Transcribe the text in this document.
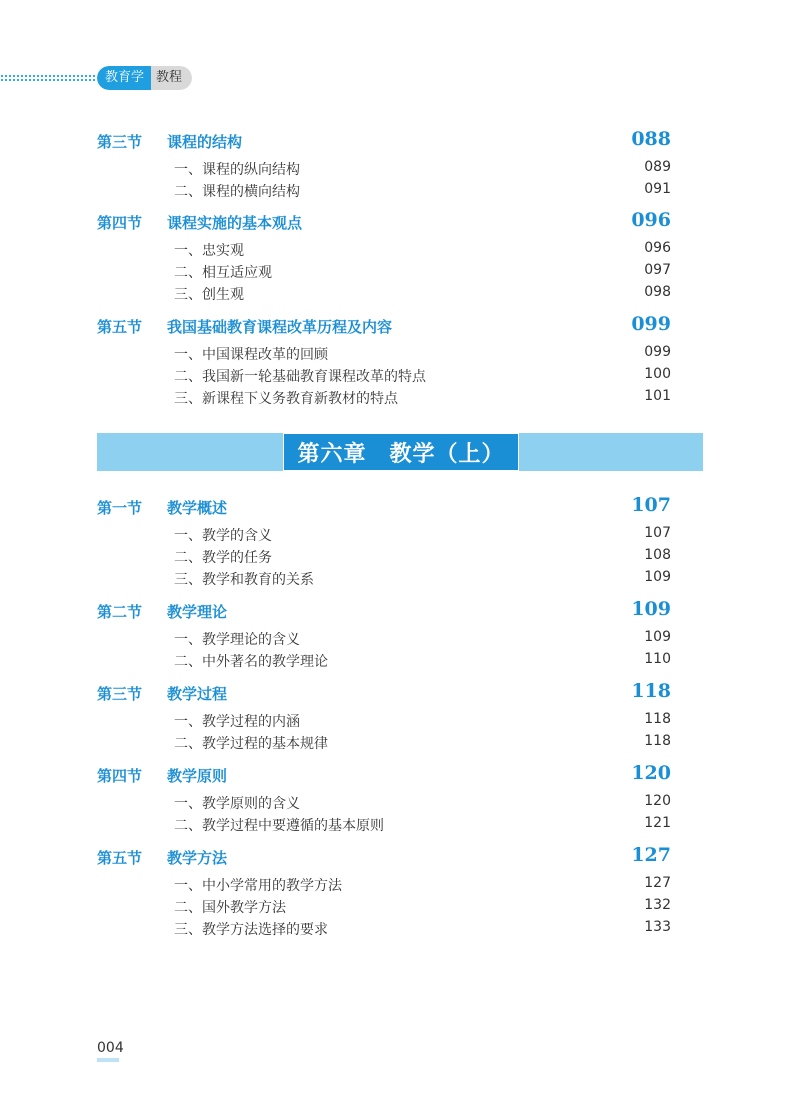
教育学 教程
第三节 课程的结构	088
一、课程的纵向结构	089
二、课程的横向结构	091
第四节 课程实施的基本观点	096
一、忠实观	096
二、相互适应观	097
三、创生观	098
第五节 我国基础教育课程改革历程及内容	099
一、中国课程改革的回顾	099
二、我国新一轮基础教育课程改革的特点	100
三、新课程下义务教育新教材的特点	101
第六章　教学（上）
第一节 教学概述	107
一、教学的含义	107
二、教学的任务	108
三、教学和教育的关系	109
第二节 教学理论	109
一、教学理论的含义	109
二、中外著名的教学理论	110
第三节 教学过程	118
一、教学过程的内涵	118
二、教学过程的基本规律	118
第四节 教学原则	120
一、教学原则的含义	120
二、教学过程中要遵循的基本原则	121
第五节 教学方法	127
一、中小学常用的教学方法	127
二、国外教学方法	132
三、教学方法选择的要求	133
004
